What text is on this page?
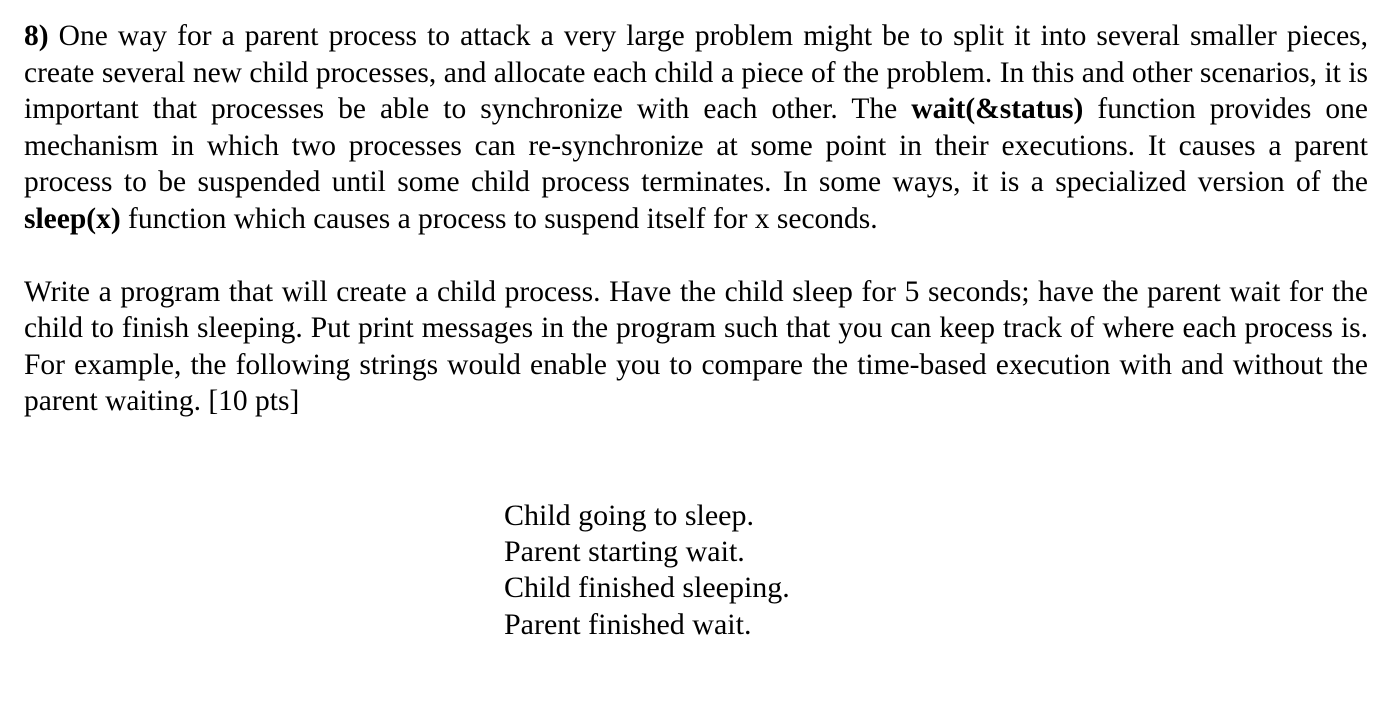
8) One way for a parent process to attack a very large problem might be to split it into several smaller pieces, create several new child processes, and allocate each child a piece of the problem. In this and other scenarios, it is important that processes be able to synchronize with each other. The wait(&status) function provides one mechanism in which two processes can re-synchronize at some point in their executions. It causes a parent process to be suspended until some child process terminates. In some ways, it is a specialized version of the sleep(x) function which causes a process to suspend itself for x seconds.

Write a program that will create a child process. Have the child sleep for 5 seconds; have the parent wait for the child to finish sleeping. Put print messages in the program such that you can keep track of where each process is. For example, the following strings would enable you to compare the time-based execution with and without the parent waiting. [10 pts]

Child going to sleep.
Parent starting wait.
Child finished sleeping.
Parent finished wait.
